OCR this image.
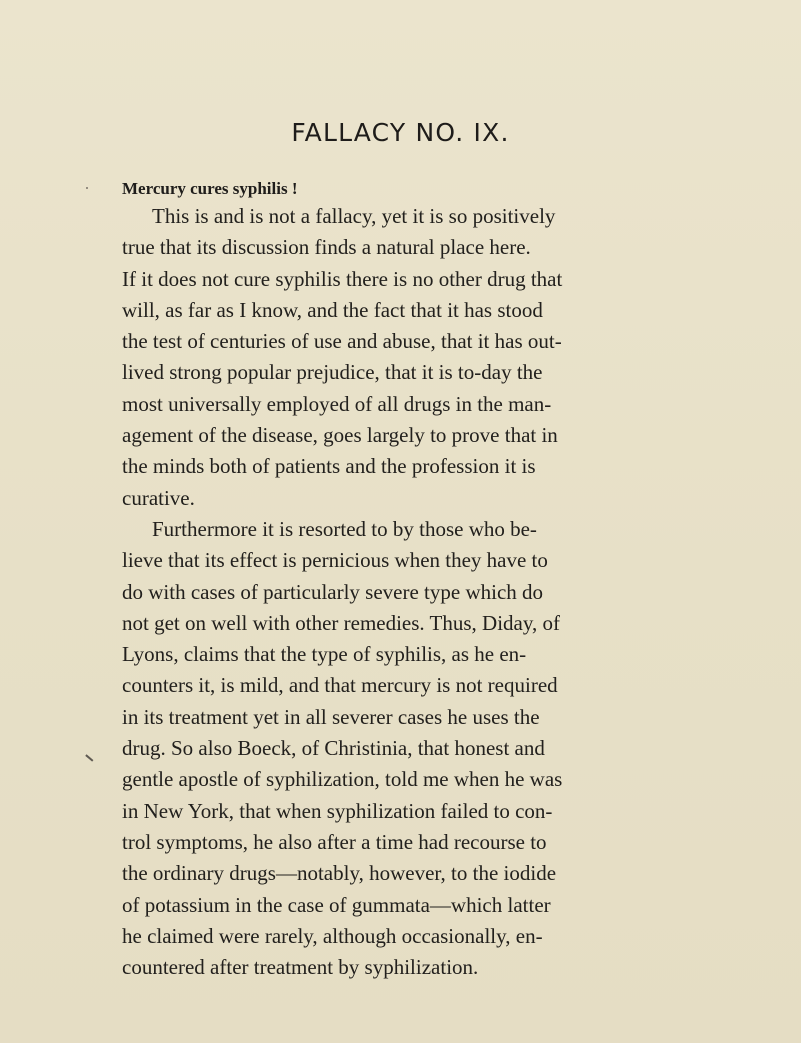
FALLACY NO. IX.
Mercury cures syphilis !
This is and is not a fallacy, yet it is so positively
true that its discussion finds a natural place here.
If it does not cure syphilis there is no other drug that
will, as far as I know, and the fact that it has stood
the test of centuries of use and abuse, that it has out-
lived strong popular prejudice, that it is to-day the
most universally employed of all drugs in the man-
agement of the disease, goes largely to prove that in
the minds both of patients and the profession it is
curative.
Furthermore it is resorted to by those who be-
lieve that its effect is pernicious when they have to
do with cases of particularly severe type which do
not get on well with other remedies. Thus, Diday, of
Lyons, claims that the type of syphilis, as he en-
counters it, is mild, and that mercury is not required
in its treatment yet in all severer cases he uses the
drug. So also Boeck, of Christinia, that honest and
gentle apostle of syphilization, told me when he was
in New York, that when syphilization failed to con-
trol symptoms, he also after a time had recourse to
the ordinary drugs—notably, however, to the iodide
of potassium in the case of gummata—which latter
he claimed were rarely, although occasionally, en-
countered after treatment by syphilization.
